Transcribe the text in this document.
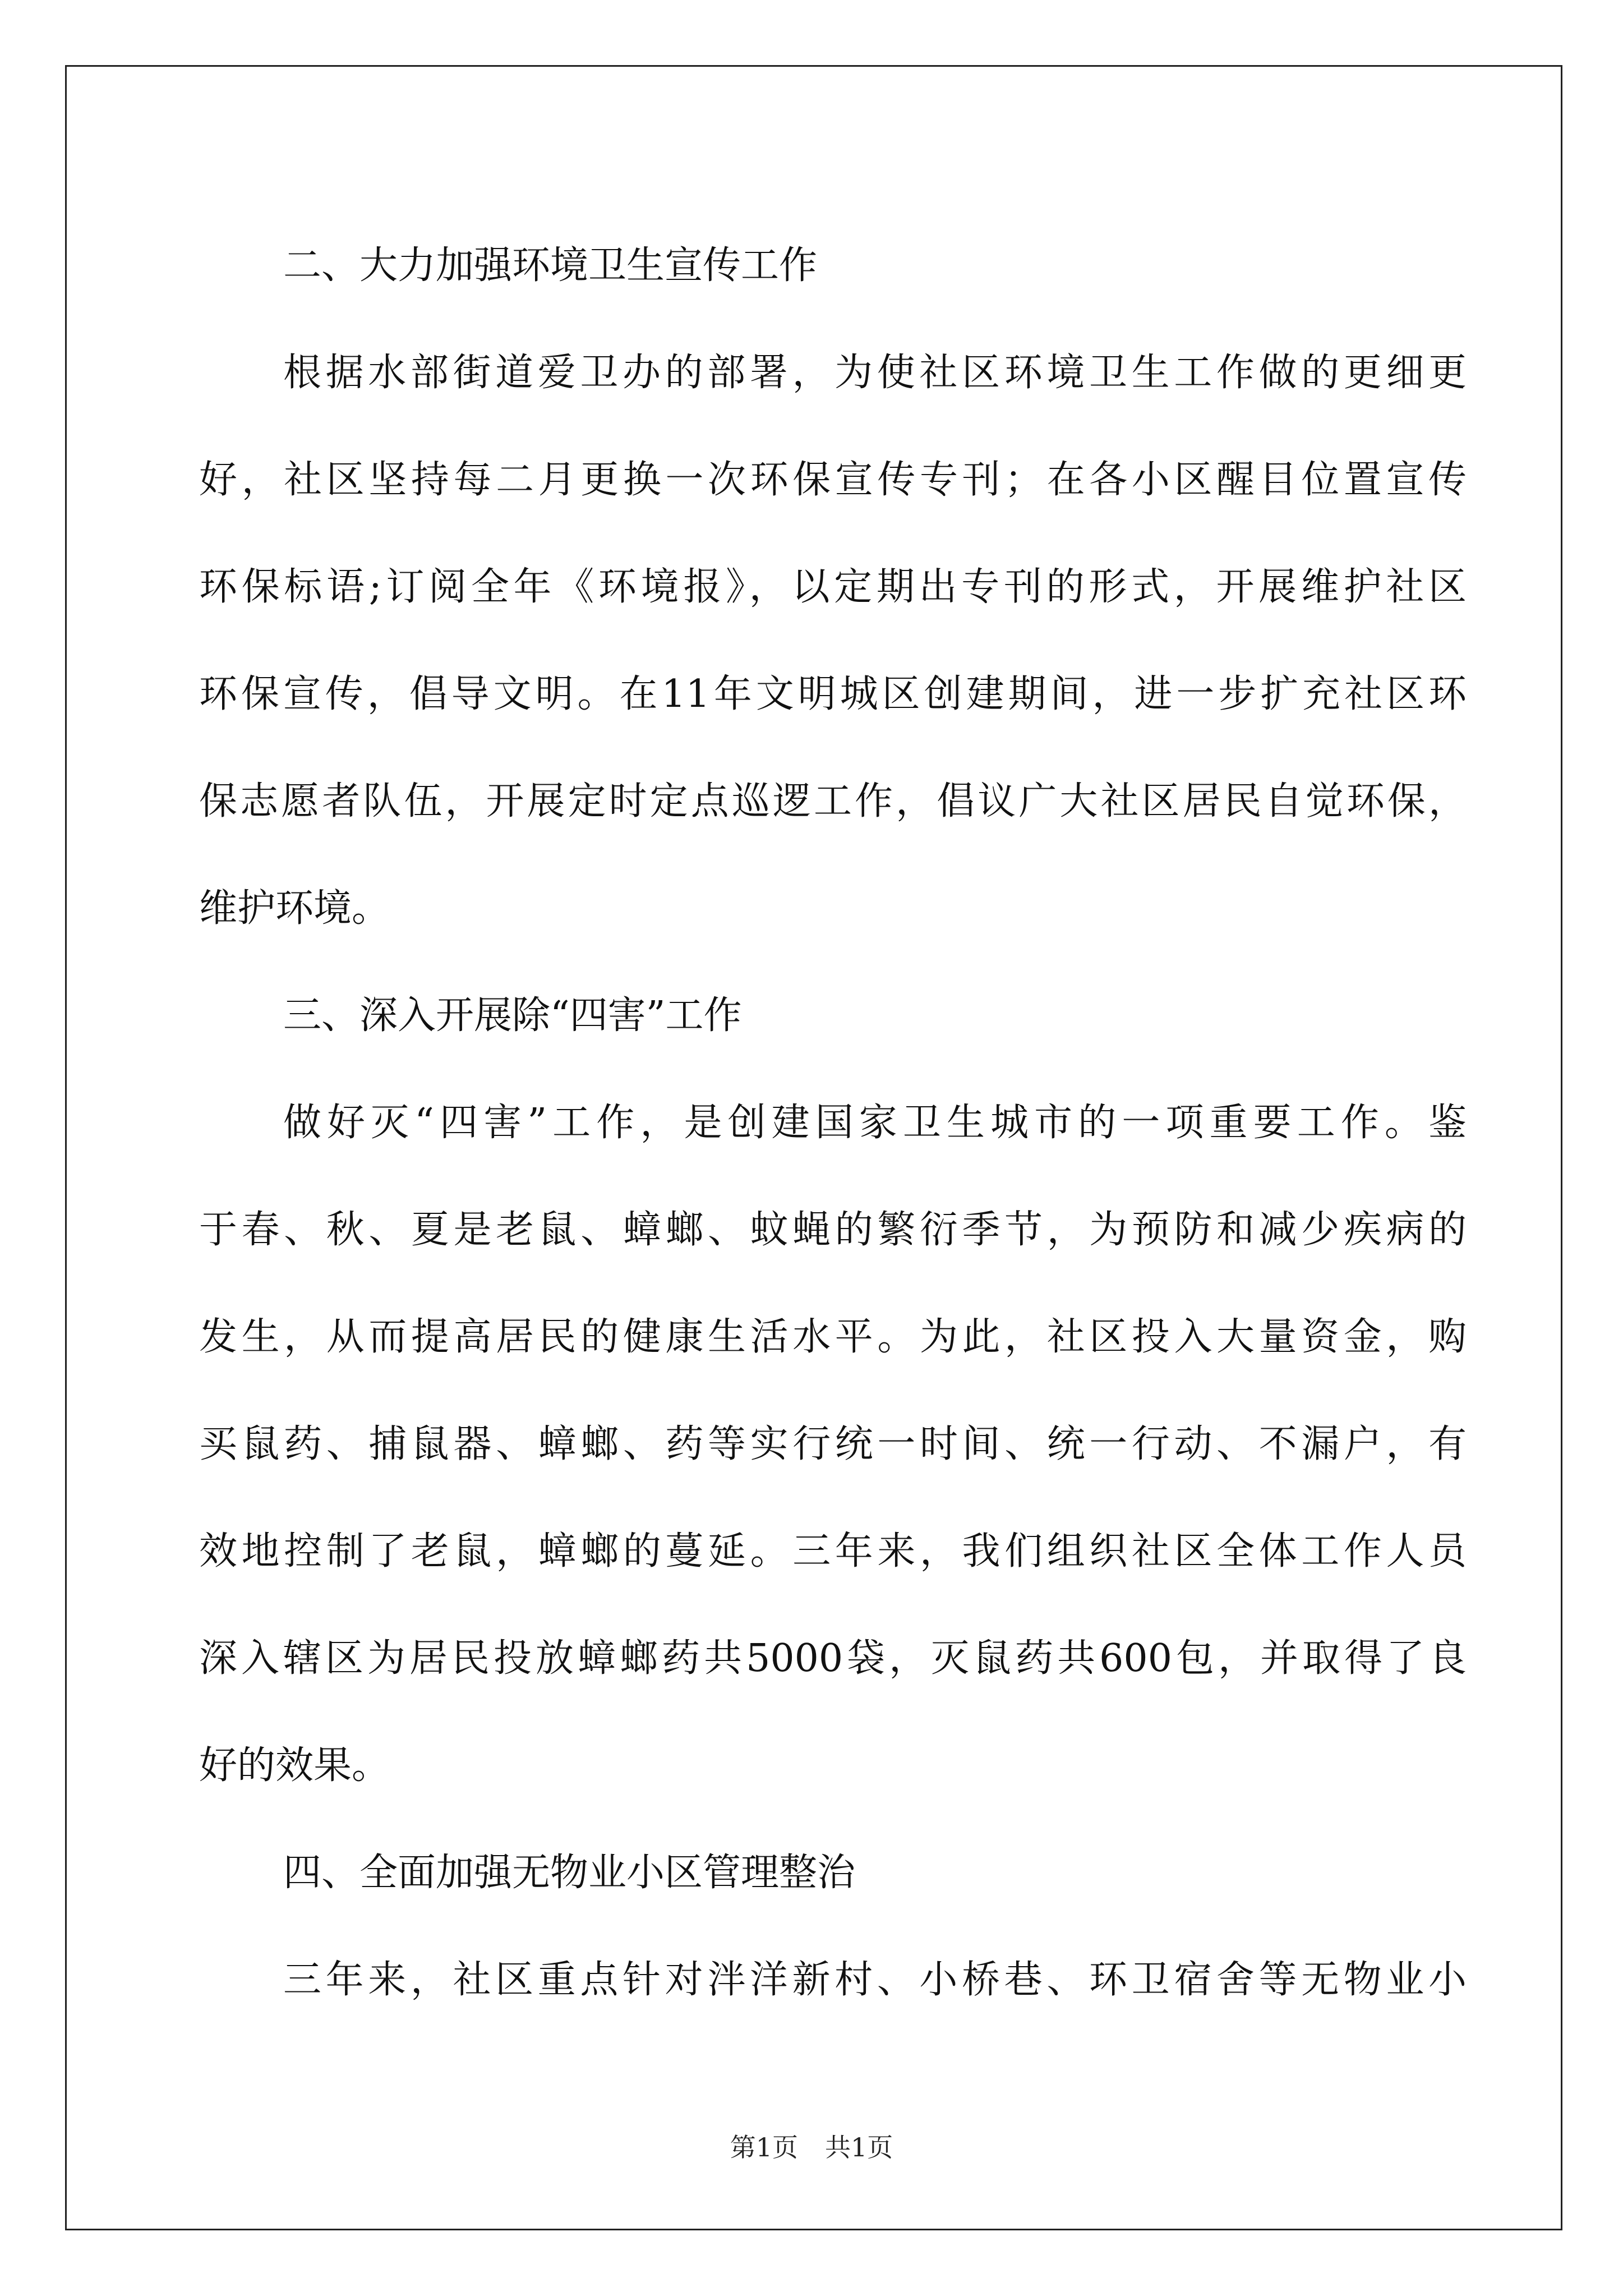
二、大力加强环境卫生宣传工作
根据水部街道爱卫办的部署，为使社区环境卫生工作做的更细更
好，社区坚持每二月更换一次环保宣传专刊；在各小区醒目位置宣传
环保标语;订阅全年《环境报》，以定期出专刊的形式，开展维护社区
环保宣传，倡导文明。在11年文明城区创建期间，进一步扩充社区环
保志愿者队伍，开展定时定点巡逻工作，倡议广大社区居民自觉环保，
维护环境。
三、深入开展除“四害”工作
做好灭“四害”工作，是创建国家卫生城市的一项重要工作。鉴
于春、秋、夏是老鼠、蟑螂、蚊蝇的繁衍季节，为预防和减少疾病的
发生，从而提高居民的健康生活水平。为此，社区投入大量资金，购
买鼠药、捕鼠器、蟑螂、药等实行统一时间、统一行动、不漏户，有
效地控制了老鼠，蟑螂的蔓延。三年来，我们组织社区全体工作人员
深入辖区为居民投放蟑螂药共5000袋，灭鼠药共600包，并取得了良
好的效果。
四、全面加强无物业小区管理整治
三年来，社区重点针对泮洋新村、小桥巷、环卫宿舍等无物业小
第1页 共1页
